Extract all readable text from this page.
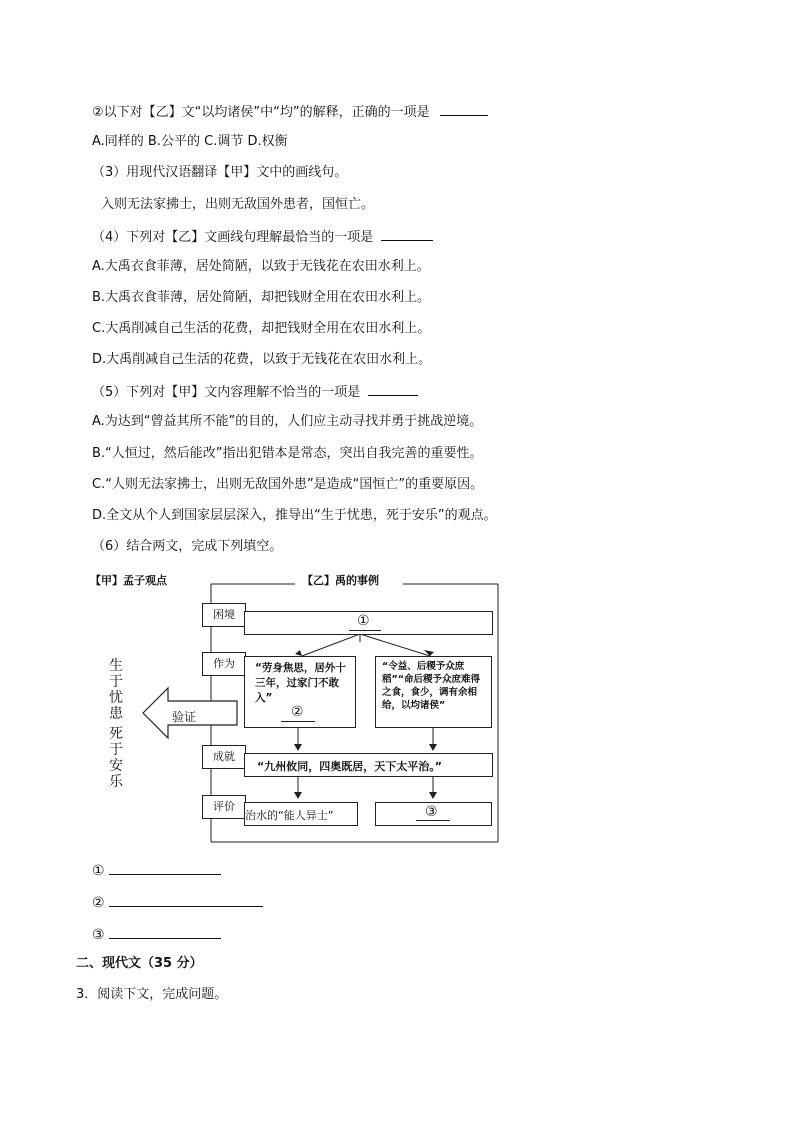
②以下对【乙】文“以均诸侯”中“均”的解释，正确的一项是
A.同样的 B.公平的 C.调节 D.权衡
（3）用现代汉语翻译【甲】文中的画线句。
入则无法家拂士，出则无敌国外患者，国恒亡。
（4）下列对【乙】文画线句理解最恰当的一项是
A.大禹衣食菲薄，居处简陋，以致于无钱花在农田水利上。
B.大禹衣食菲薄，居处简陋，却把钱财全用在农田水利上。
C.大禹削减自己生活的花费，却把钱财全用在农田水利上。
D.大禹削减自己生活的花费，以致于无钱花在农田水利上。
（5）下列对【甲】文内容理解不恰当的一项是
A.为达到“曾益其所不能”的目的，人们应主动寻找并勇于挑战逆境。
B.“人恒过，然后能改”指出犯错本是常态，突出自我完善的重要性。
C.“人则无法家拂士，出则无敌国外患”是造成“国恒亡”的重要原因。
D.全文从个人到国家层层深入，推导出“生于忧患，死于安乐”的观点。
（6）结合两文，完成下列填空。
【甲】孟子观点	【乙】禹的事例
生于忧患
死于安乐
验证
困境
作为
成就
评价
①
“劳身焦思，居外十三年，过家门不敢入”
②
“令益、后稷予众庶稻”“命后稷予众庶难得之食，食少，调有余相给，以均诸侯”
“九州攸同，四奥既居，天下太平治。”
治水的“能人异士”	③
①
②
③
二、现代文（35 分）
3．阅读下文，完成问题。
